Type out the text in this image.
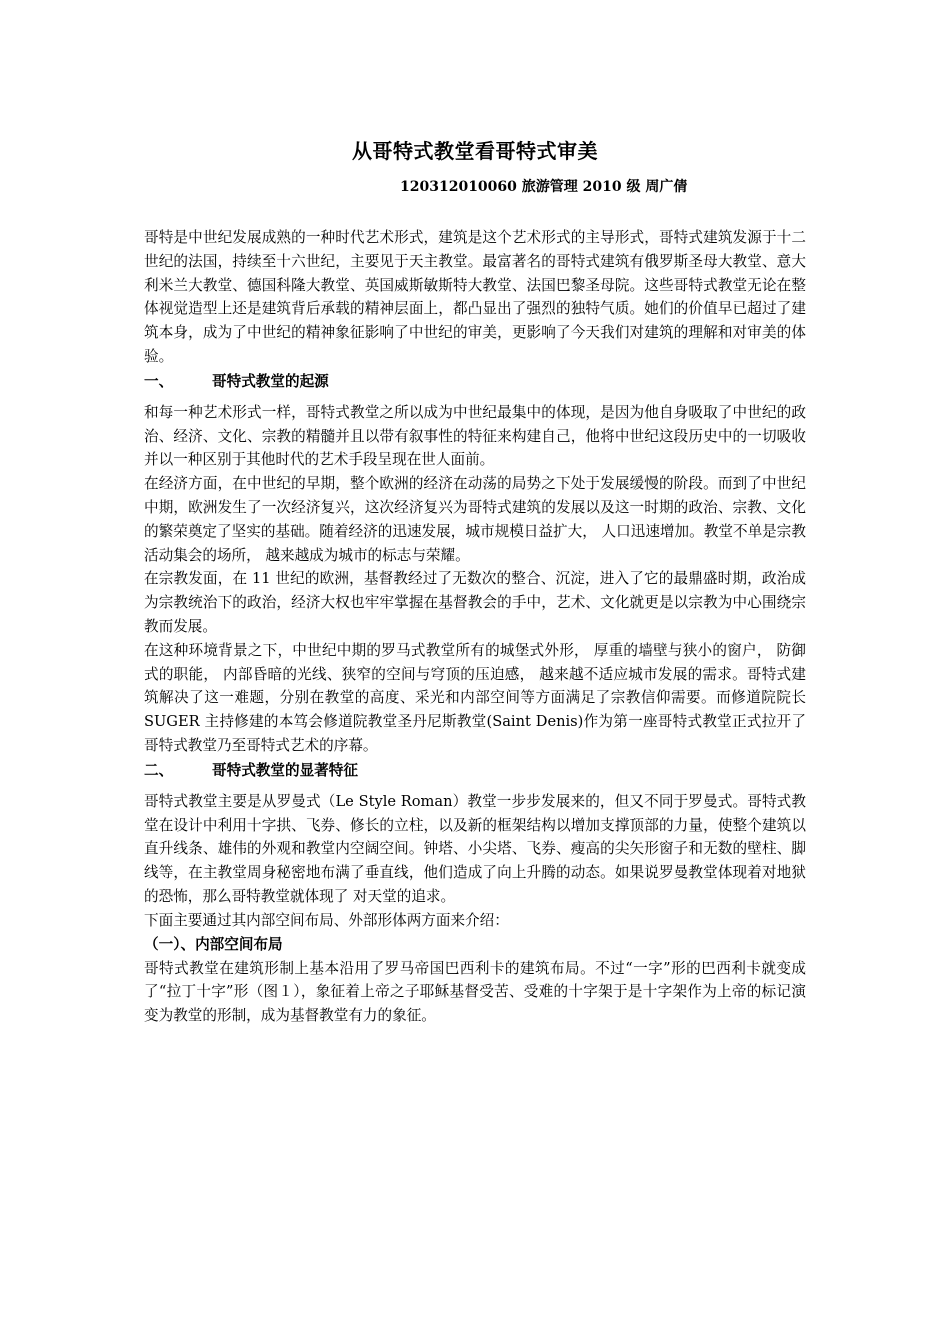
从哥特式教堂看哥特式审美
120312010060 旅游管理 2010 级 周广倩

哥特是中世纪发展成熟的一种时代艺术形式，建筑是这个艺术形式的主导形式，哥特式建筑发源于十二世纪的法国，持续至十六世纪，主要见于天主教堂。最富著名的哥特式建筑有俄罗斯圣母大教堂、意大利米兰大教堂、德国科隆大教堂、英国威斯敏斯特大教堂、法国巴黎圣母院。这些哥特式教堂无论在整体视觉造型上还是建筑背后承载的精神层面上，都凸显出了强烈的独特气质。她们的价值早已超过了建筑本身，成为了中世纪的精神象征影响了中世纪的审美，更影响了今天我们对建筑的理解和对审美的体验。

一、	哥特式教堂的起源

和每一种艺术形式一样，哥特式教堂之所以成为中世纪最集中的体现，是因为他自身吸取了中世纪的政治、经济、文化、宗教的精髓并且以带有叙事性的特征来构建自己，他将中世纪这段历史中的一切吸收并以一种区别于其他时代的艺术手段呈现在世人面前。

在经济方面，在中世纪的早期，整个欧洲的经济在动荡的局势之下处于发展缓慢的阶段。而到了中世纪中期，欧洲发生了一次经济复兴，这次经济复兴为哥特式建筑的发展以及这一时期的政治、宗教、文化的繁荣奠定了坚实的基础。随着经济的迅速发展，城市规模日益扩大， 人口迅速增加。教堂不单是宗教活动集会的场所， 越来越成为城市的标志与荣耀。

在宗教发面，在 11 世纪的欧洲，基督教经过了无数次的整合、沉淀，进入了它的最鼎盛时期，政治成为宗教统治下的政治，经济大权也牢牢掌握在基督教会的手中，艺术、文化就更是以宗教为中心围绕宗教而发展。

在这种环境背景之下，中世纪中期的罗马式教堂所有的城堡式外形， 厚重的墙壁与狭小的窗户， 防御式的职能， 内部昏暗的光线、狭窄的空间与穹顶的压迫感， 越来越不适应城市发展的需求。哥特式建筑解决了这一难题，分别在教堂的高度、采光和内部空间等方面满足了宗教信仰需要。而修道院院长 SUGER 主持修建的本笃会修道院教堂圣丹尼斯教堂(Saint Denis)作为第一座哥特式教堂正式拉开了哥特式教堂乃至哥特式艺术的序幕。

二、	哥特式教堂的显著特征

哥特式教堂主要是从罗曼式（Le Style Roman）教堂一步步发展来的，但又不同于罗曼式。哥特式教堂在设计中利用十字拱、飞券、修长的立柱，以及新的框架结构以增加支撑顶部的力量，使整个建筑以直升线条、雄伟的外观和教堂内空阔空间。钟塔、小尖塔、飞券、瘦高的尖矢形窗子和无数的壁柱、脚线等，在主教堂周身秘密地布满了垂直线，他们造成了向上升腾的动态。如果说罗曼教堂体现着对地狱的恐怖，那么哥特教堂就体现了 对天堂的追求。

下面主要通过其内部空间布局、外部形体两方面来介绍：

（一）、内部空间布局

哥特式教堂在建筑形制上基本沿用了罗马帝国巴西利卡的建筑布局。不过“一字”形的巴西利卡就变成了“拉丁十字”形（图１），象征着上帝之子耶稣基督受苦、受难的十字架于是十字架作为上帝的标记演变为教堂的形制，成为基督教堂有力的象征。
